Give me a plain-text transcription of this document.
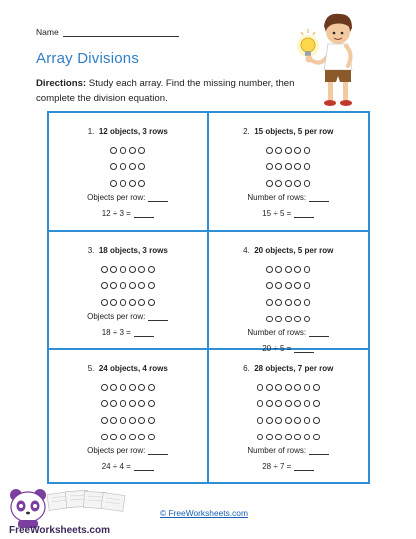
Name
Array Divisions
Directions: Study each array. Find the missing number, then complete the division equation.
1. 12 objects, 3 rows
Objects per row:
12 ÷ 3 =
2. 15 objects, 5 per row
Number of rows:
15 ÷ 5 =
3. 18 objects, 3 rows
Objects per row:
18 ÷ 3 =
4. 20 objects, 5 per row
Number of rows:
20 ÷ 5 =
5. 24 objects, 4 rows
Objects per row:
24 ÷ 4 =
6. 28 objects, 7 per row
Number of rows:
28 ÷ 7 =
FreeWorksheets.com
© FreeWorksheets.com
